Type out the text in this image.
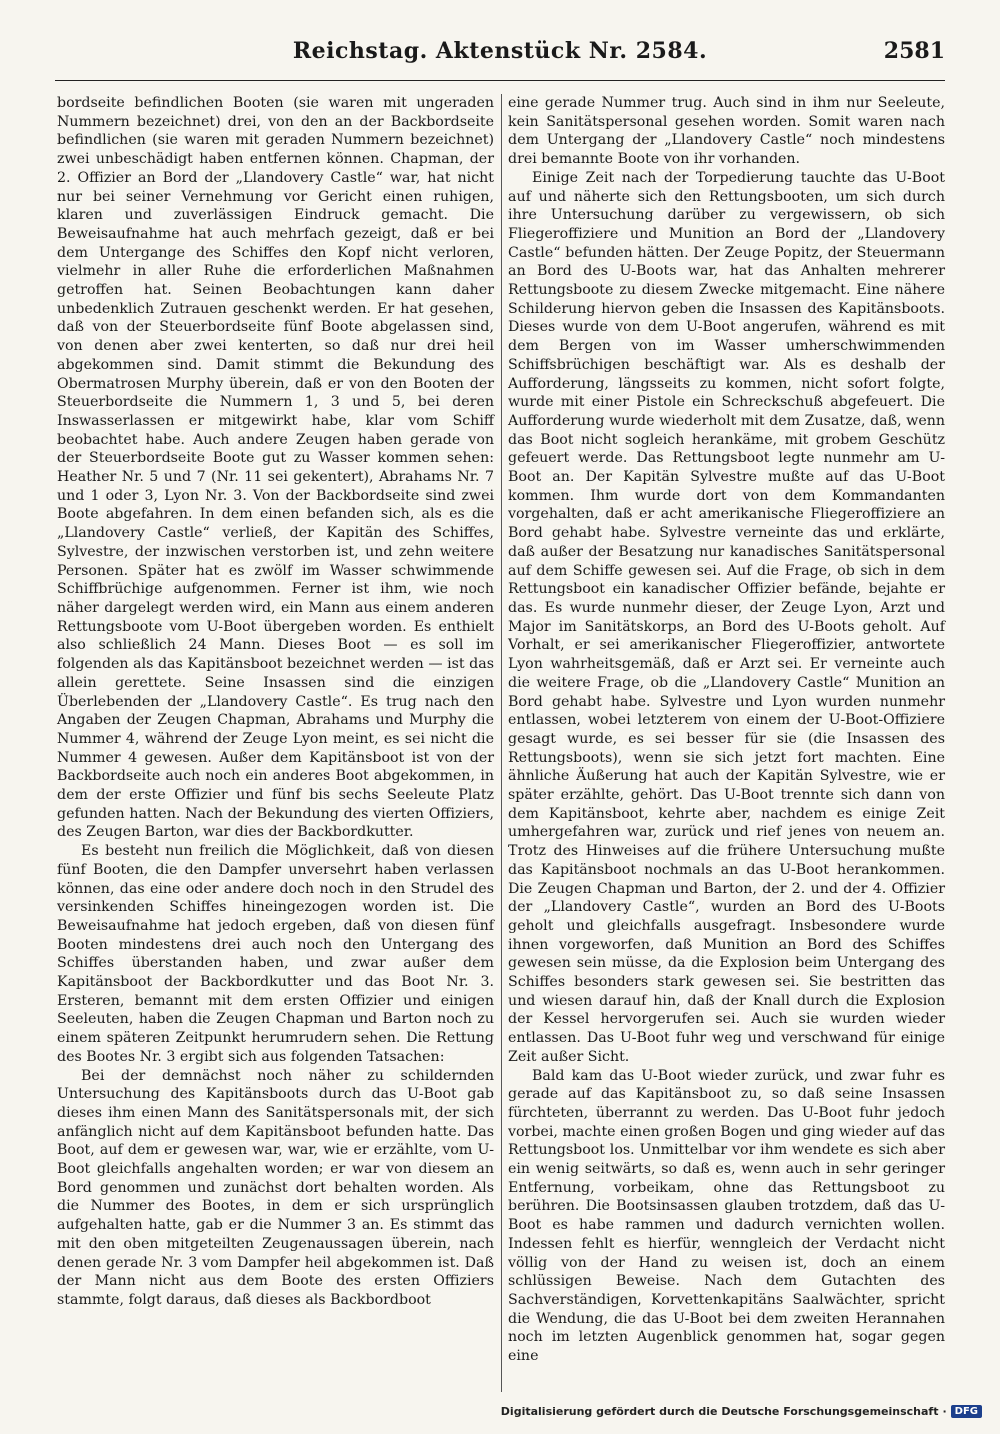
Reichstag. Aktenstück Nr. 2584.	2581

bordseite befindlichen Booten (sie waren mit ungeraden Nummern bezeichnet) drei, von den an der Backbordseite befindlichen (sie waren mit geraden Nummern bezeichnet) zwei unbeschädigt haben entfernen können. Chapman, der 2. Offizier an Bord der „Llandovery Castle“ war, hat nicht nur bei seiner Vernehmung vor Gericht einen ruhigen, klaren und zuverlässigen Eindruck gemacht. Die Beweisaufnahme hat auch mehrfach gezeigt, daß er bei dem Untergange des Schiffes den Kopf nicht verloren, vielmehr in aller Ruhe die erforderlichen Maßnahmen getroffen hat. Seinen Beobachtungen kann daher unbedenklich Zutrauen geschenkt werden. Er hat gesehen, daß von der Steuerbordseite fünf Boote abgelassen sind, von denen aber zwei kenterten, so daß nur drei heil abgekommen sind. Damit stimmt die Bekundung des Obermatrosen Murphy überein, daß er von den Booten der Steuerbordseite die Nummern 1, 3 und 5, bei deren Inswasserlassen er mitgewirkt habe, klar vom Schiff beobachtet habe. Auch andere Zeugen haben gerade von der Steuerbordseite Boote gut zu Wasser kommen sehen: Heather Nr. 5 und 7 (Nr. 11 sei gekentert), Abrahams Nr. 7 und 1 oder 3, Lyon Nr. 3. Von der Backbordseite sind zwei Boote abgefahren. In dem einen befanden sich, als es die „Llandovery Castle“ verließ, der Kapitän des Schiffes, Sylvestre, der inzwischen verstorben ist, und zehn weitere Personen. Später hat es zwölf im Wasser schwimmende Schiffbrüchige aufgenommen. Ferner ist ihm, wie noch näher dargelegt werden wird, ein Mann aus einem anderen Rettungsboote vom U-Boot übergeben worden. Es enthielt also schließlich 24 Mann. Dieses Boot — es soll im folgenden als das Kapitänsboot bezeichnet werden — ist das allein gerettete. Seine Insassen sind die einzigen Überlebenden der „Llandovery Castle“. Es trug nach den Angaben der Zeugen Chapman, Abrahams und Murphy die Nummer 4, während der Zeuge Lyon meint, es sei nicht die Nummer 4 gewesen. Außer dem Kapitänsboot ist von der Backbordseite auch noch ein anderes Boot abgekommen, in dem der erste Offizier und fünf bis sechs Seeleute Platz gefunden hatten. Nach der Bekundung des vierten Offiziers, des Zeugen Barton, war dies der Backbordkutter.

Es besteht nun freilich die Möglichkeit, daß von diesen fünf Booten, die den Dampfer unversehrt haben verlassen können, das eine oder andere doch noch in den Strudel des versinkenden Schiffes hineingezogen worden ist. Die Beweisaufnahme hat jedoch ergeben, daß von diesen fünf Booten mindestens drei auch noch den Untergang des Schiffes überstanden haben, und zwar außer dem Kapitänsboot der Backbordkutter und das Boot Nr. 3. Ersteren, bemannt mit dem ersten Offizier und einigen Seeleuten, haben die Zeugen Chapman und Barton noch zu einem späteren Zeitpunkt herumrudern sehen. Die Rettung des Bootes Nr. 3 ergibt sich aus folgenden Tatsachen:

Bei der demnächst noch näher zu schildernden Untersuchung des Kapitänsboots durch das U-Boot gab dieses ihm einen Mann des Sanitätspersonals mit, der sich anfänglich nicht auf dem Kapitänsboot befunden hatte. Das Boot, auf dem er gewesen war, war, wie er erzählte, vom U-Boot gleichfalls angehalten worden; er war von diesem an Bord genommen und zunächst dort behalten worden. Als die Nummer des Bootes, in dem er sich ursprünglich aufgehalten hatte, gab er die Nummer 3 an. Es stimmt das mit den oben mitgeteilten Zeugenaussagen überein, nach denen gerade Nr. 3 vom Dampfer heil abgekommen ist. Daß der Mann nicht aus dem Boote des ersten Offiziers stammte, folgt daraus, daß dieses als Backbordboot

eine gerade Nummer trug. Auch sind in ihm nur Seeleute, kein Sanitätspersonal gesehen worden. Somit waren nach dem Untergang der „Llandovery Castle“ noch mindestens drei bemannte Boote von ihr vorhanden.

Einige Zeit nach der Torpedierung tauchte das U-Boot auf und näherte sich den Rettungsbooten, um sich durch ihre Untersuchung darüber zu vergewissern, ob sich Fliegeroffiziere und Munition an Bord der „Llandovery Castle“ befunden hätten. Der Zeuge Popitz, der Steuermann an Bord des U-Boots war, hat das Anhalten mehrerer Rettungsboote zu diesem Zwecke mitgemacht. Eine nähere Schilderung hiervon geben die Insassen des Kapitänsboots. Dieses wurde von dem U-Boot angerufen, während es mit dem Bergen von im Wasser umherschwimmenden Schiffsbrüchigen beschäftigt war. Als es deshalb der Aufforderung, längsseits zu kommen, nicht sofort folgte, wurde mit einer Pistole ein Schreckschuß abgefeuert. Die Aufforderung wurde wiederholt mit dem Zusatze, daß, wenn das Boot nicht sogleich herankäme, mit grobem Geschütz gefeuert werde. Das Rettungsboot legte nunmehr am U-Boot an. Der Kapitän Sylvestre mußte auf das U-Boot kommen. Ihm wurde dort von dem Kommandanten vorgehalten, daß er acht amerikanische Fliegeroffiziere an Bord gehabt habe. Sylvestre verneinte das und erklärte, daß außer der Besatzung nur kanadisches Sanitätspersonal auf dem Schiffe gewesen sei. Auf die Frage, ob sich in dem Rettungsboot ein kanadischer Offizier befände, bejahte er das. Es wurde nunmehr dieser, der Zeuge Lyon, Arzt und Major im Sanitätskorps, an Bord des U-Boots geholt. Auf Vorhalt, er sei amerikanischer Fliegeroffizier, antwortete Lyon wahrheitsgemäß, daß er Arzt sei. Er verneinte auch die weitere Frage, ob die „Llandovery Castle“ Munition an Bord gehabt habe. Sylvestre und Lyon wurden nunmehr entlassen, wobei letzterem von einem der U-Boot-Offiziere gesagt wurde, es sei besser für sie (die Insassen des Rettungsboots), wenn sie sich jetzt fort machten. Eine ähnliche Äußerung hat auch der Kapitän Sylvestre, wie er später erzählte, gehört. Das U-Boot trennte sich dann von dem Kapitänsboot, kehrte aber, nachdem es einige Zeit umhergefahren war, zurück und rief jenes von neuem an. Trotz des Hinweises auf die frühere Untersuchung mußte das Kapitänsboot nochmals an das U-Boot herankommen. Die Zeugen Chapman und Barton, der 2. und der 4. Offizier der „Llandovery Castle“, wurden an Bord des U-Boots geholt und gleichfalls ausgefragt. Insbesondere wurde ihnen vorgeworfen, daß Munition an Bord des Schiffes gewesen sein müsse, da die Explosion beim Untergang des Schiffes besonders stark gewesen sei. Sie bestritten das und wiesen darauf hin, daß der Knall durch die Explosion der Kessel hervorgerufen sei. Auch sie wurden wieder entlassen. Das U-Boot fuhr weg und verschwand für einige Zeit außer Sicht.

Bald kam das U-Boot wieder zurück, und zwar fuhr es gerade auf das Kapitänsboot zu, so daß seine Insassen fürchteten, überrannt zu werden. Das U-Boot fuhr jedoch vorbei, machte einen großen Bogen und ging wieder auf das Rettungsboot los. Unmittelbar vor ihm wendete es sich aber ein wenig seitwärts, so daß es, wenn auch in sehr geringer Entfernung, vorbeikam, ohne das Rettungsboot zu berühren. Die Bootsinsassen glauben trotzdem, daß das U-Boot es habe rammen und dadurch vernichten wollen. Indessen fehlt es hierfür, wenngleich der Verdacht nicht völlig von der Hand zu weisen ist, doch an einem schlüssigen Beweise. Nach dem Gutachten des Sachverständigen, Korvettenkapitäns Saalwächter, spricht die Wendung, die das U-Boot bei dem zweiten Herannahen noch im letzten Augenblick genommen hat, sogar gegen eine

Digitalisierung gefördert durch die Deutsche Forschungsgemeinschaft · DFG
